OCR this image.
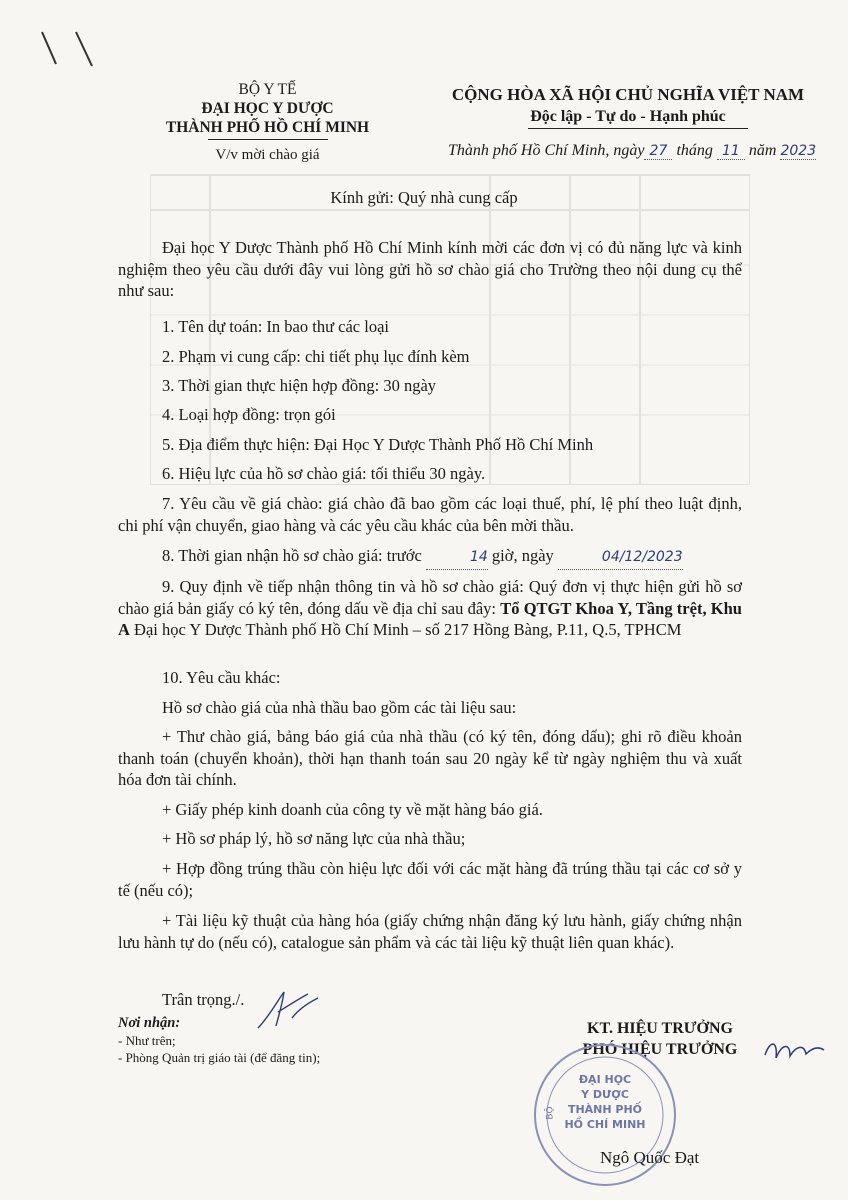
BỘ Y TẾ
ĐẠI HỌC Y DƯỢC
THÀNH PHỐ HỒ CHÍ MINH
V/v mời chào giá
CỘNG HÒA XÃ HỘI CHỦ NGHĨA VIỆT NAM
Độc lập - Tự do - Hạnh phúc
Thành phố Hồ Chí Minh, ngày 27 tháng 11 năm 2023
Kính gửi: Quý nhà cung cấp
Đại học Y Dược Thành phố Hồ Chí Minh kính mời các đơn vị có đủ năng lực và kinh nghiệm theo yêu cầu dưới đây vui lòng gửi hồ sơ chào giá cho Trường theo nội dung cụ thể như sau:
1. Tên dự toán: In bao thư các loại
2. Phạm vi cung cấp: chi tiết phụ lục đính kèm
3. Thời gian thực hiện hợp đồng: 30 ngày
4. Loại hợp đồng: trọn gói
5. Địa điểm thực hiện: Đại Học Y Dược Thành Phố Hồ Chí Minh
6. Hiệu lực của hồ sơ chào giá: tối thiểu 30 ngày.
7. Yêu cầu về giá chào: giá chào đã bao gồm các loại thuế, phí, lệ phí theo luật định, chi phí vận chuyển, giao hàng và các yêu cầu khác của bên mời thầu.
8. Thời gian nhận hồ sơ chào giá: trước	14 giờ, ngày	04/12/2023
9. Quy định về tiếp nhận thông tin và hồ sơ chào giá: Quý đơn vị thực hiện gửi hồ sơ chào giá bản giấy có ký tên, đóng dấu về địa chỉ sau đây: Tổ QTGT Khoa Y, Tầng trệt, Khu A Đại học Y Dược Thành phố Hồ Chí Minh – số 217 Hồng Bàng, P.11, Q.5, TPHCM
10. Yêu cầu khác:
Hồ sơ chào giá của nhà thầu bao gồm các tài liệu sau:
+ Thư chào giá, bảng báo giá của nhà thầu (có ký tên, đóng dấu); ghi rõ điều khoản thanh toán (chuyển khoản), thời hạn thanh toán sau 20 ngày kể từ ngày nghiệm thu và xuất hóa đơn tài chính.
+ Giấy phép kinh doanh của công ty về mặt hàng báo giá.
+ Hồ sơ pháp lý, hồ sơ năng lực của nhà thầu;
+ Hợp đồng trúng thầu còn hiệu lực đối với các mặt hàng đã trúng thầu tại các cơ sở y tế (nếu có);
+ Tài liệu kỹ thuật của hàng hóa (giấy chứng nhận đăng ký lưu hành, giấy chứng nhận lưu hành tự do (nếu có), catalogue sản phẩm và các tài liệu kỹ thuật liên quan khác).
Trân trọng./.
Nơi nhận:
- Như trên;
- Phòng Quản trị giáo tài (để đăng tin);
KT. HIỆU TRƯỞNG
PHÓ HIỆU TRƯỞNG
ĐẠI HỌC
Y DƯỢC
THÀNH PHỐ
HỒ CHÍ MINH
BỘ
Ngô Quốc Đạt
